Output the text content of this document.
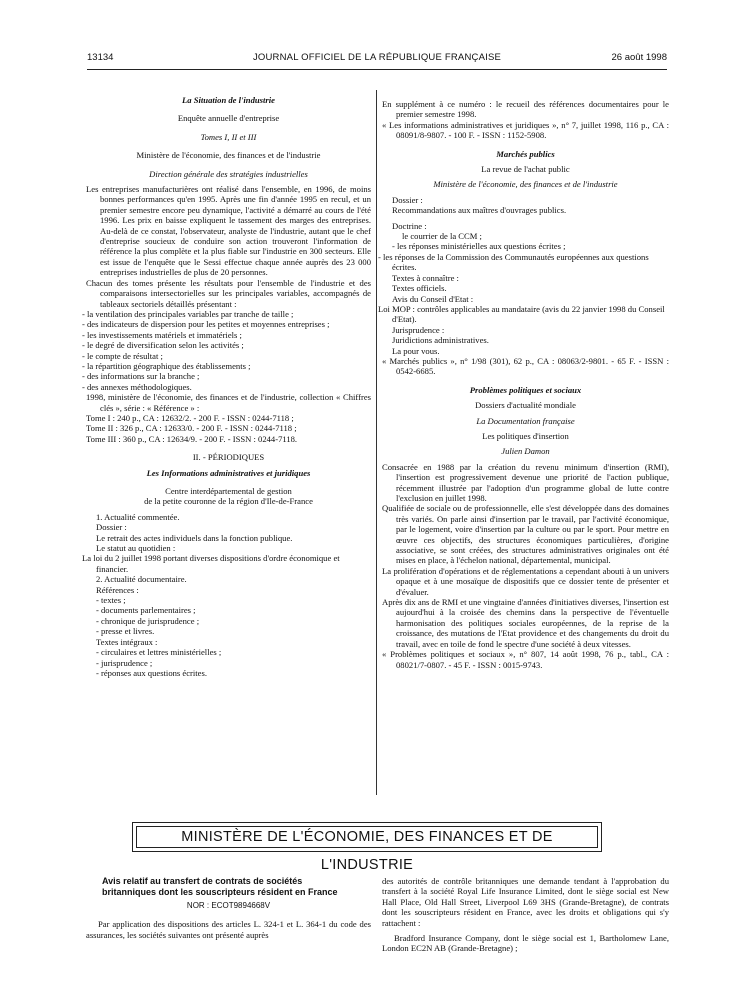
13134	JOURNAL OFFICIEL DE LA RÉPUBLIQUE FRANÇAISE	26 août 1998

La Situation de l'industrie

Enquête annuelle d'entreprise

Tomes I, II et III

Ministère de l'économie, des finances et de l'industrie

Direction générale des stratégies industrielles

Les entreprises manufacturières ont réalisé dans l'ensemble, en 1996, de moins bonnes performances qu'en 1995. Après une fin d'année 1995 en recul, et un premier semestre encore peu dynamique, l'activité a démarré au cours de l'été 1996. Les prix en baisse expliquent le tassement des marges des entreprises. Au-delà de ce constat, l'observateur, analyste de l'industrie, autant que le chef d'entreprise soucieux de conduire son action trouveront l'information de référence la plus complète et la plus fiable sur l'industrie en 300 secteurs. Elle est issue de l'enquête que le Sessi effectue chaque année auprès des 23 000 entreprises industrielles de plus de 20 personnes.

Chacun des tomes présente les résultats pour l'ensemble de l'industrie et des comparaisons intersectorielles sur les principales variables, accompagnés de tableaux sectoriels détaillés présentant :

- la ventilation des principales variables par tranche de taille ;

- des indicateurs de dispersion pour les petites et moyennes entreprises ;

- les investissements matériels et immatériels ;

- le degré de diversification selon les activités ;

- le compte de résultat ;

- la répartition géographique des établissements ;

- des informations sur la branche ;

- des annexes méthodologiques.

1998, ministère de l'économie, des finances et de l'industrie, collection « Chiffres clés », série : « Référence » :

Tome I : 240 p., CA : 12632/2. - 200 F. - ISSN : 0244-7118 ;

Tome II : 326 p., CA : 12633/0. - 200 F. - ISSN : 0244-7118 ;

Tome III : 360 p., CA : 12634/9. - 200 F. - ISSN : 0244-7118.

II. - PÉRIODIQUES

Les Informations administratives et juridiques

Centre interdépartemental de gestion

de la petite couronne de la région d'Ile-de-France

1. Actualité commentée.

Dossier :

Le retrait des actes individuels dans la fonction publique.

Le statut au quotidien :

La loi du 2 juillet 1998 portant diverses dispositions d'ordre économique et financier.

2. Actualité documentaire.

Références :

- textes ;

- documents parlementaires ;

- chronique de jurisprudence ;

- presse et livres.

Textes intégraux :

- circulaires et lettres ministérielles ;

- jurisprudence ;

- réponses aux questions écrites.

En supplément à ce numéro : le recueil des références documentaires pour le premier semestre 1998.

« Les informations administratives et juridiques », n° 7, juillet 1998, 116 p., CA : 08091/8-9807. - 100 F. - ISSN : 1152-5908.

Marchés publics

La revue de l'achat public

Ministère de l'économie, des finances et de l'industrie

Dossier :

Recommandations aux maîtres d'ouvrages publics.

Doctrine :

le courrier de la CCM ;

- les réponses ministérielles aux questions écrites ;

- les réponses de la Commission des Communautés européennes aux questions écrites.

Textes à connaître :

Textes officiels.

Avis du Conseil d'Etat :

Loi MOP : contrôles applicables au mandataire (avis du 22 janvier 1998 du Conseil d'Etat).

Jurisprudence :

Juridictions administratives.

La pour vous.

« Marchés publics », n° 1/98 (301), 62 p., CA : 08063/2-9801. - 65 F. - ISSN : 0542-6685.

Problèmes politiques et sociaux

Dossiers d'actualité mondiale

La Documentation française

Les politiques d'insertion

Julien Damon

Consacrée en 1988 par la création du revenu minimum d'insertion (RMI), l'insertion est progressivement devenue une priorité de l'action publique, récemment illustrée par l'adoption d'un programme global de lutte contre l'exclusion en juillet 1998.

Qualifiée de sociale ou de professionnelle, elle s'est développée dans des domaines très variés. On parle ainsi d'insertion par le travail, par l'activité économique, par le logement, voire d'insertion par la culture ou par le sport. Pour mettre en œuvre ces objectifs, des structures économiques particulières, d'origine associative, se sont créées, des structures administratives originales ont été mises en place, à l'échelon national, départemental, municipal.

La prolifération d'opérations et de réglementations a cependant abouti à un univers opaque et à une mosaïque de dispositifs que ce dossier tente de présenter et d'évaluer.

Après dix ans de RMI et une vingtaine d'années d'initiatives diverses, l'insertion est aujourd'hui à la croisée des chemins dans la perspective de l'éventuelle harmonisation des politiques sociales européennes, de la reprise de la croissance, des mutations de l'Etat providence et des changements du droit du travail, avec en toile de fond le spectre d'une société à deux vitesses.

« Problèmes politiques et sociaux », n° 807, 14 août 1998, 76 p., tabl., CA : 08021/7-0807. - 45 F. - ISSN : 0015-9743.

MINISTÈRE DE L'ÉCONOMIE, DES FINANCES ET DE L'INDUSTRIE

Avis relatif au transfert de contrats de sociétés britanniques dont les souscripteurs résident en France

NOR : ECOT9894668V

Par application des dispositions des articles L. 324-1 et L. 364-1 du code des assurances, les sociétés suivantes ont présenté auprès

des autorités de contrôle britanniques une demande tendant à l'approbation du transfert à la société Royal Life Insurance Limited, dont le siège social est New Hall Place, Old Hall Street, Liverpool L69 3HS (Grande-Bretagne), de contrats dont les souscripteurs résident en France, avec les droits et obligations qui s'y rattachent :

Bradford Insurance Company, dont le siège social est 1, Bartholomew Lane, London EC2N AB (Grande-Bretagne) ;
